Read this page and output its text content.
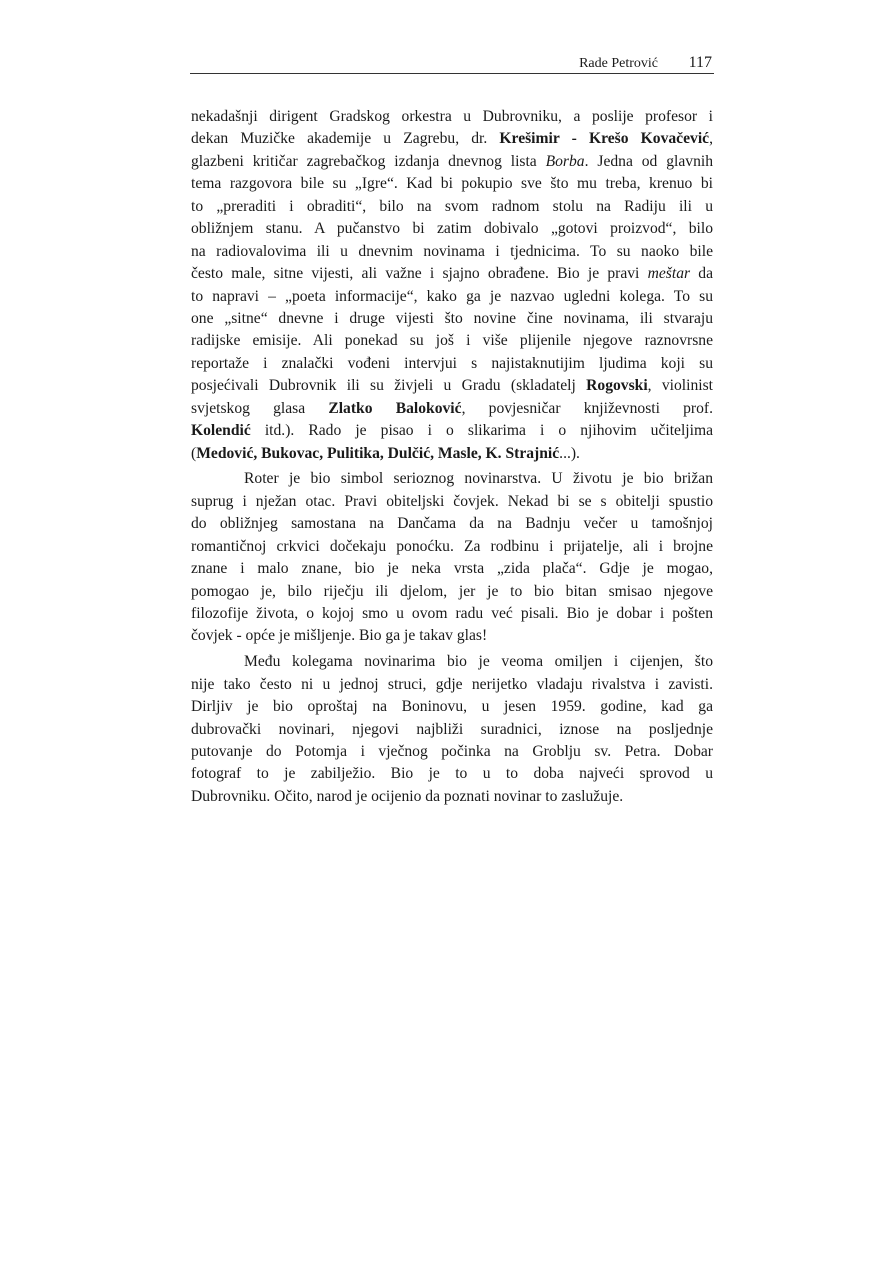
Rade Petrović 117
nekadašnji dirigent Gradskog orkestra u Dubrovniku, a poslije profesor i
dekan Muzičke akademije u Zagrebu, dr. Krešimir - Krešo Kovačević,
glazbeni kritičar zagrebačkog izdanja dnevnog lista Borba. Jedna od glavnih
tema razgovora bile su „Igre“. Kad bi pokupio sve što mu treba, krenuo bi
to „preraditi i obraditi“, bilo na svom radnom stolu na Radiju ili u
obližnjem stanu. A pučanstvo bi zatim dobivalo „gotovi proizvod“, bilo
na radiovalovima ili u dnevnim novinama i tjednicima. To su naoko bile
često male, sitne vijesti, ali važne i sjajno obrađene. Bio je pravi meštar da
to napravi – „poeta informacije“, kako ga je nazvao ugledni kolega. To su
one „sitne“ dnevne i druge vijesti što novine čine novinama, ili stvaraju
radijske emisije. Ali ponekad su još i više plijenile njegove raznovrsne
reportaže i znalački vođeni intervjui s najistaknutijim ljudima koji su
posjećivali Dubrovnik ili su živjeli u Gradu (skladatelj Rogovski, violinist
svjetskog glasa Zlatko Baloković, povjesničar književnosti prof.
Kolendić itd.). Rado je pisao i o slikarima i o njihovim učiteljima
(Medović, Bukovac, Pulitika, Dulčić, Masle, K. Strajnić...).
Roter je bio simbol serioznog novinarstva. U životu je bio brižan
suprug i nježan otac. Pravi obiteljski čovjek. Nekad bi se s obitelji spustio
do obližnjeg samostana na Dančama da na Badnju večer u tamošnjoj
romantičnoj crkvici dočekaju ponoćku. Za rodbinu i prijatelje, ali i brojne
znane i malo znane, bio je neka vrsta „zida plača“. Gdje je mogao,
pomogao je, bilo riječju ili djelom, jer je to bio bitan smisao njegove
filozofije života, o kojoj smo u ovom radu već pisali. Bio je dobar i pošten
čovjek - opće je mišljenje. Bio ga je takav glas!
Među kolegama novinarima bio je veoma omiljen i cijenjen, što
nije tako često ni u jednoj struci, gdje nerijetko vladaju rivalstva i zavisti.
Dirljiv je bio oproštaj na Boninovu, u jesen 1959. godine, kad ga
dubrovački novinari, njegovi najbliži suradnici, iznose na posljednje
putovanje do Potomja i vječnog počinka na Groblju sv. Petra. Dobar
fotograf to je zabilježio. Bio je to u to doba najveći sprovod u
Dubrovniku. Očito, narod je ocijenio da poznati novinar to zaslužuje.
